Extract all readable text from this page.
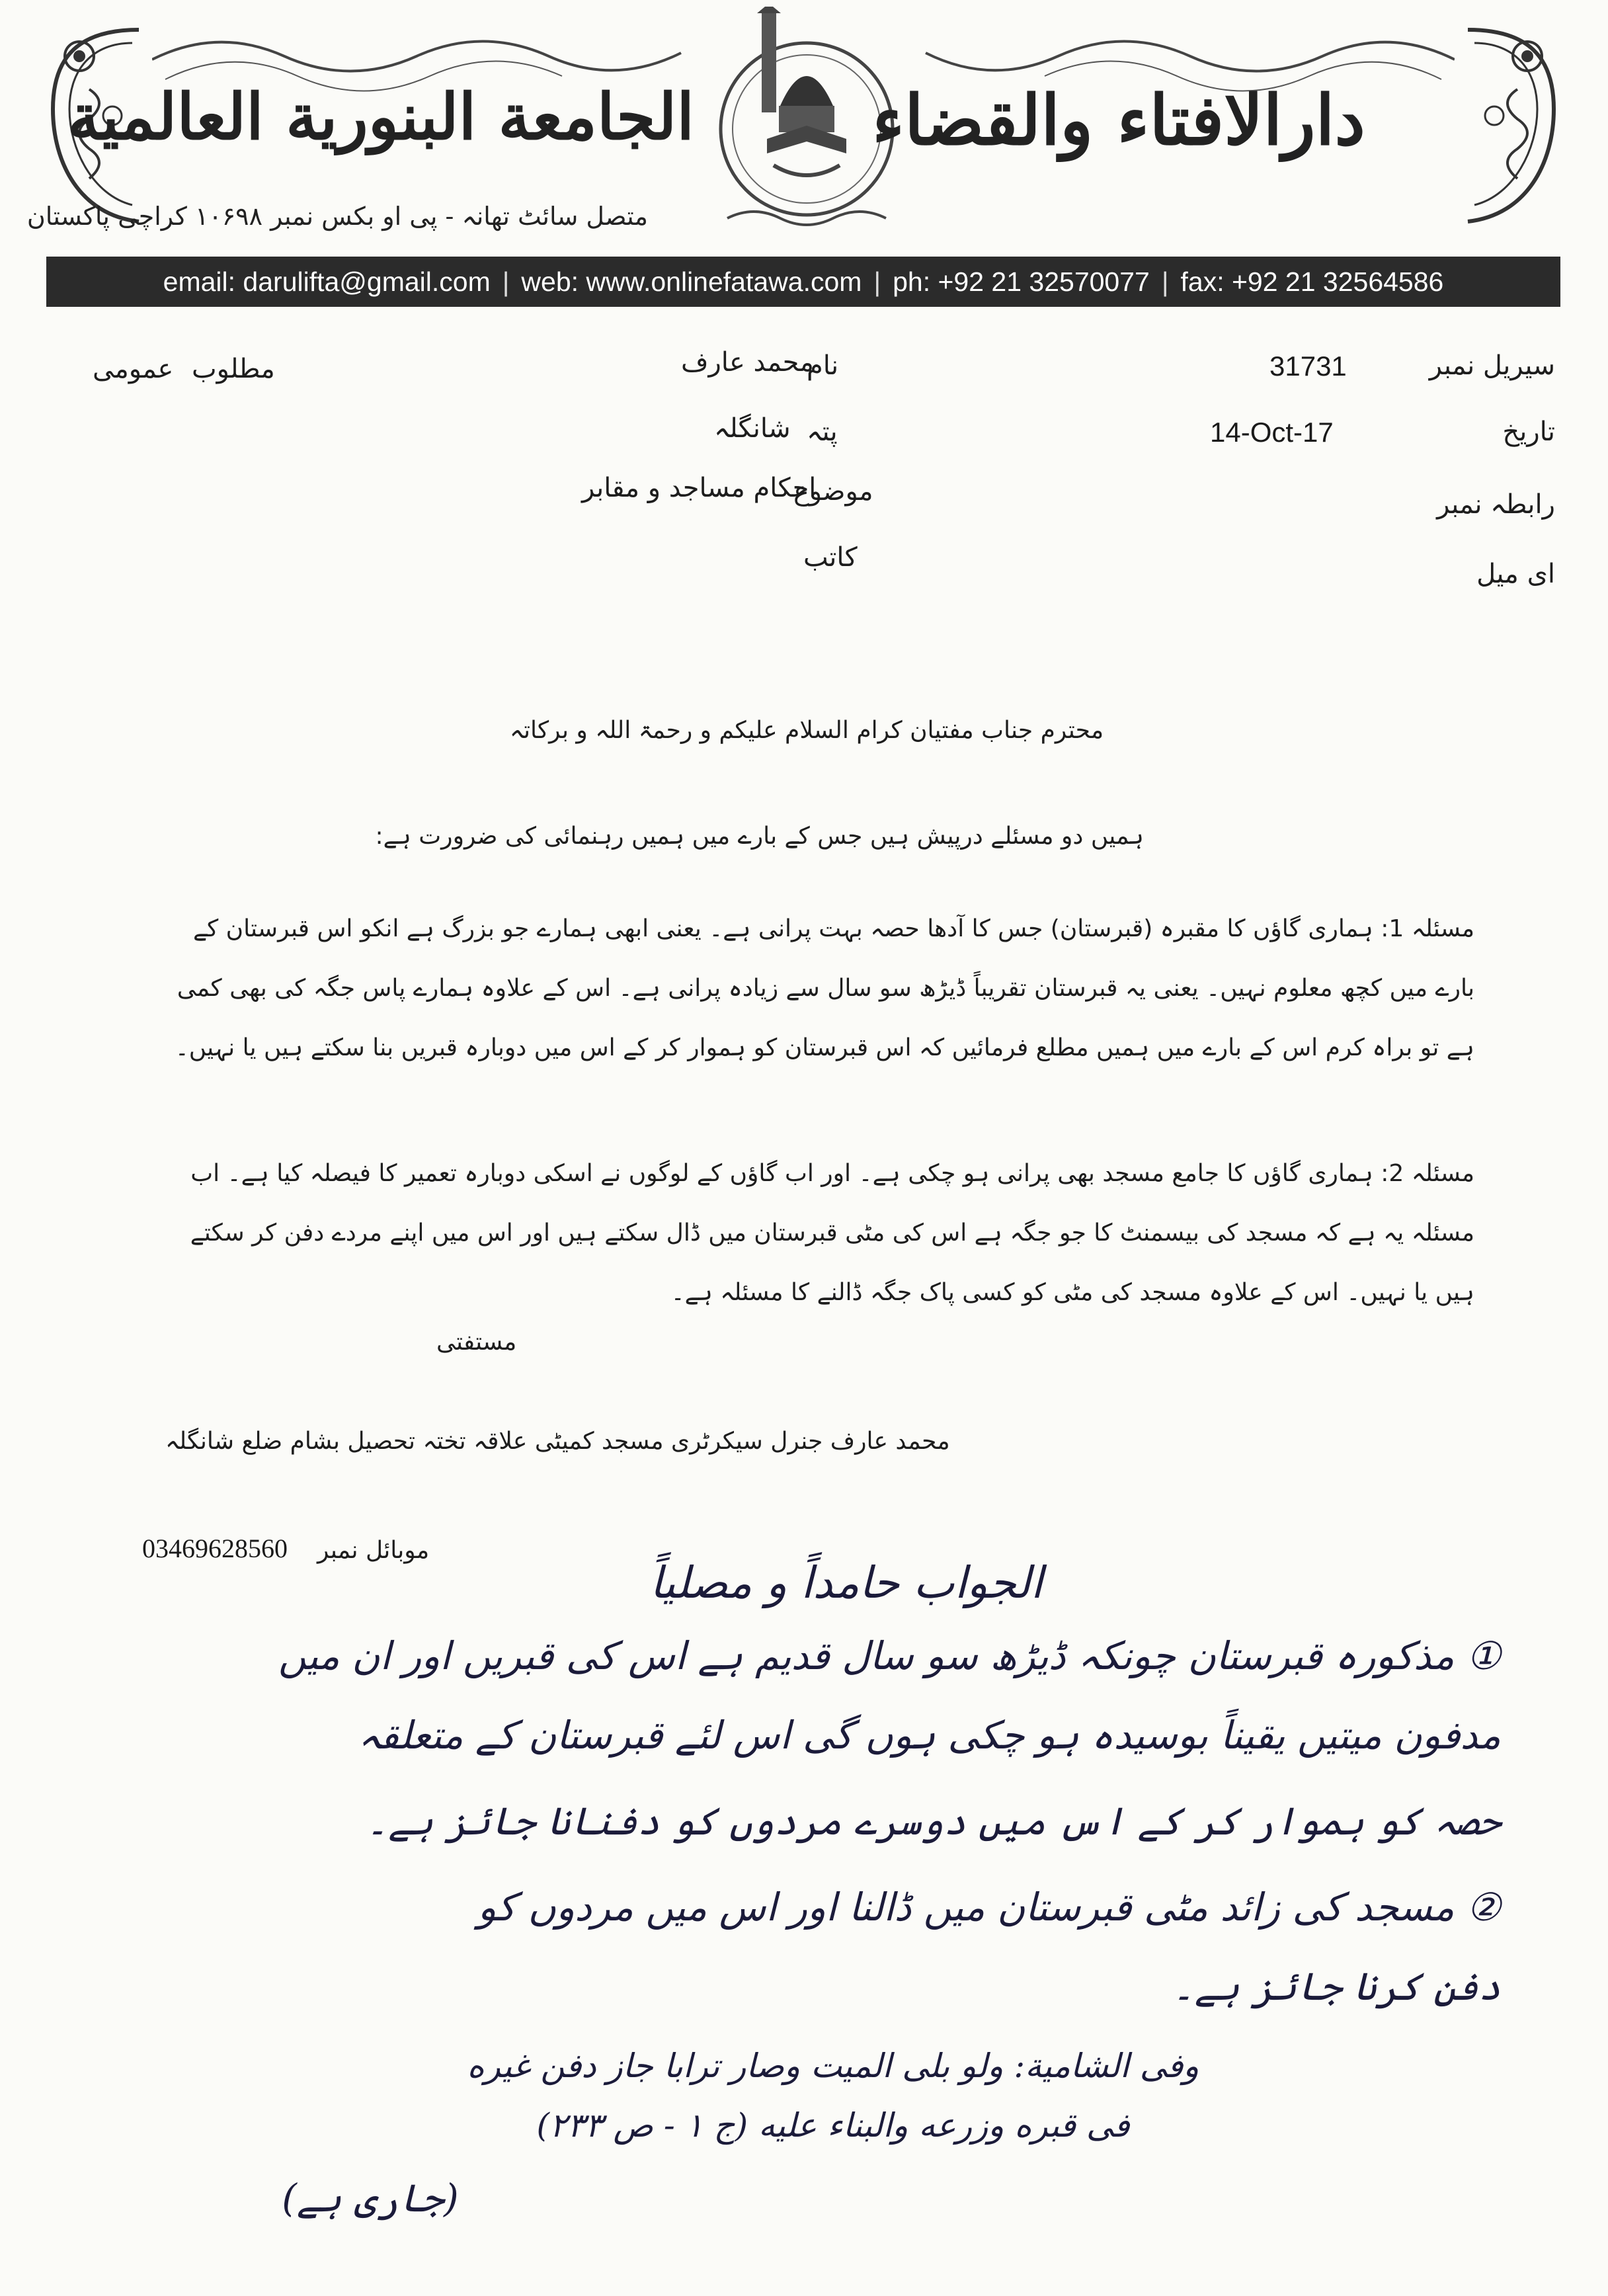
دارالافتاء والقضاء
الجامعة البنورية العالمية
متصل سائٹ تھانہ - پی او بکس نمبر ۱۰۶۹۸ کراچی پاکستان
email: darulifta@gmail.com | web: www.onlinefatawa.com | ph: +92 21 32570077 | fax: +92 21 32564586
سیریل نمبر
31731
تاریخ
14-Oct-17
رابطہ نمبر
ای میل
نام
محمد عارف
پتہ
شانگلہ
موضوع
احکام مساجد و مقابر
کاتب
مطلوب
عمومی
محترم جناب مفتیان کرام السلام علیکم و رحمۃ اللہ و برکاتہ
ہمیں دو مسئلے درپیش ہیں جس کے بارے میں ہمیں رہنمائی کی ضرورت ہے:
مسئلہ 1: ہماری گاؤں کا مقبرہ (قبرستان) جس کا آدھا حصہ بہت پرانی ہے۔ یعنی ابھی ہمارے جو بزرگ ہے انکو اس قبرستان کے بارے میں کچھ معلوم نہیں۔ یعنی یہ قبرستان تقریباً ڈیڑھ سو سال سے زیادہ پرانی ہے۔ اس کے علاوہ ہمارے پاس جگہ کی بھی کمی ہے تو براہ کرم اس کے بارے میں ہمیں مطلع فرمائیں کہ اس قبرستان کو ہموار کر کے اس میں دوبارہ قبریں بنا سکتے ہیں یا نہیں۔
مسئلہ 2: ہماری گاؤں کا جامع مسجد بھی پرانی ہو چکی ہے۔ اور اب گاؤں کے لوگوں نے اسکی دوبارہ تعمیر کا فیصلہ کیا ہے۔ اب مسئلہ یہ ہے کہ مسجد کی بیسمنٹ کا جو جگہ ہے اس کی مٹی قبرستان میں ڈال سکتے ہیں اور اس میں اپنے مردے دفن کر سکتے ہیں یا نہیں۔ اس کے علاوہ مسجد کی مٹی کو کسی پاک جگہ ڈالنے کا مسئلہ ہے۔
مستفتی
محمد عارف جنرل سیکرٹری مسجد کمیٹی علاقہ تختہ تحصیل بشام ضلع شانگلہ
موبائل نمبر
03469628560
الجواب حامداً و مصلیاً
① مذکورہ قبرستان چونکہ ڈیڑھ سو سال قدیم ہے اس کی قبریں اور ان میں
مدفون میتیں یقیناً بوسیدہ ہو چکی ہوں گی اس لئے قبرستان کے متعلقہ
حصہ کو ہموار کر کے اس میں دوسرے مردوں کو دفنانا جائز ہے۔
② مسجد کی زائد مٹی قبرستان میں ڈالنا اور اس میں مردوں کو
دفن کرنا جائز ہے۔
وفی الشامیة: ولو بلی المیت وصار ترابا جاز دفن غیره
فی قبره وزرعه والبناء علیه (ج ۱ - ص ۲۳۳)
(جاری ہے)
